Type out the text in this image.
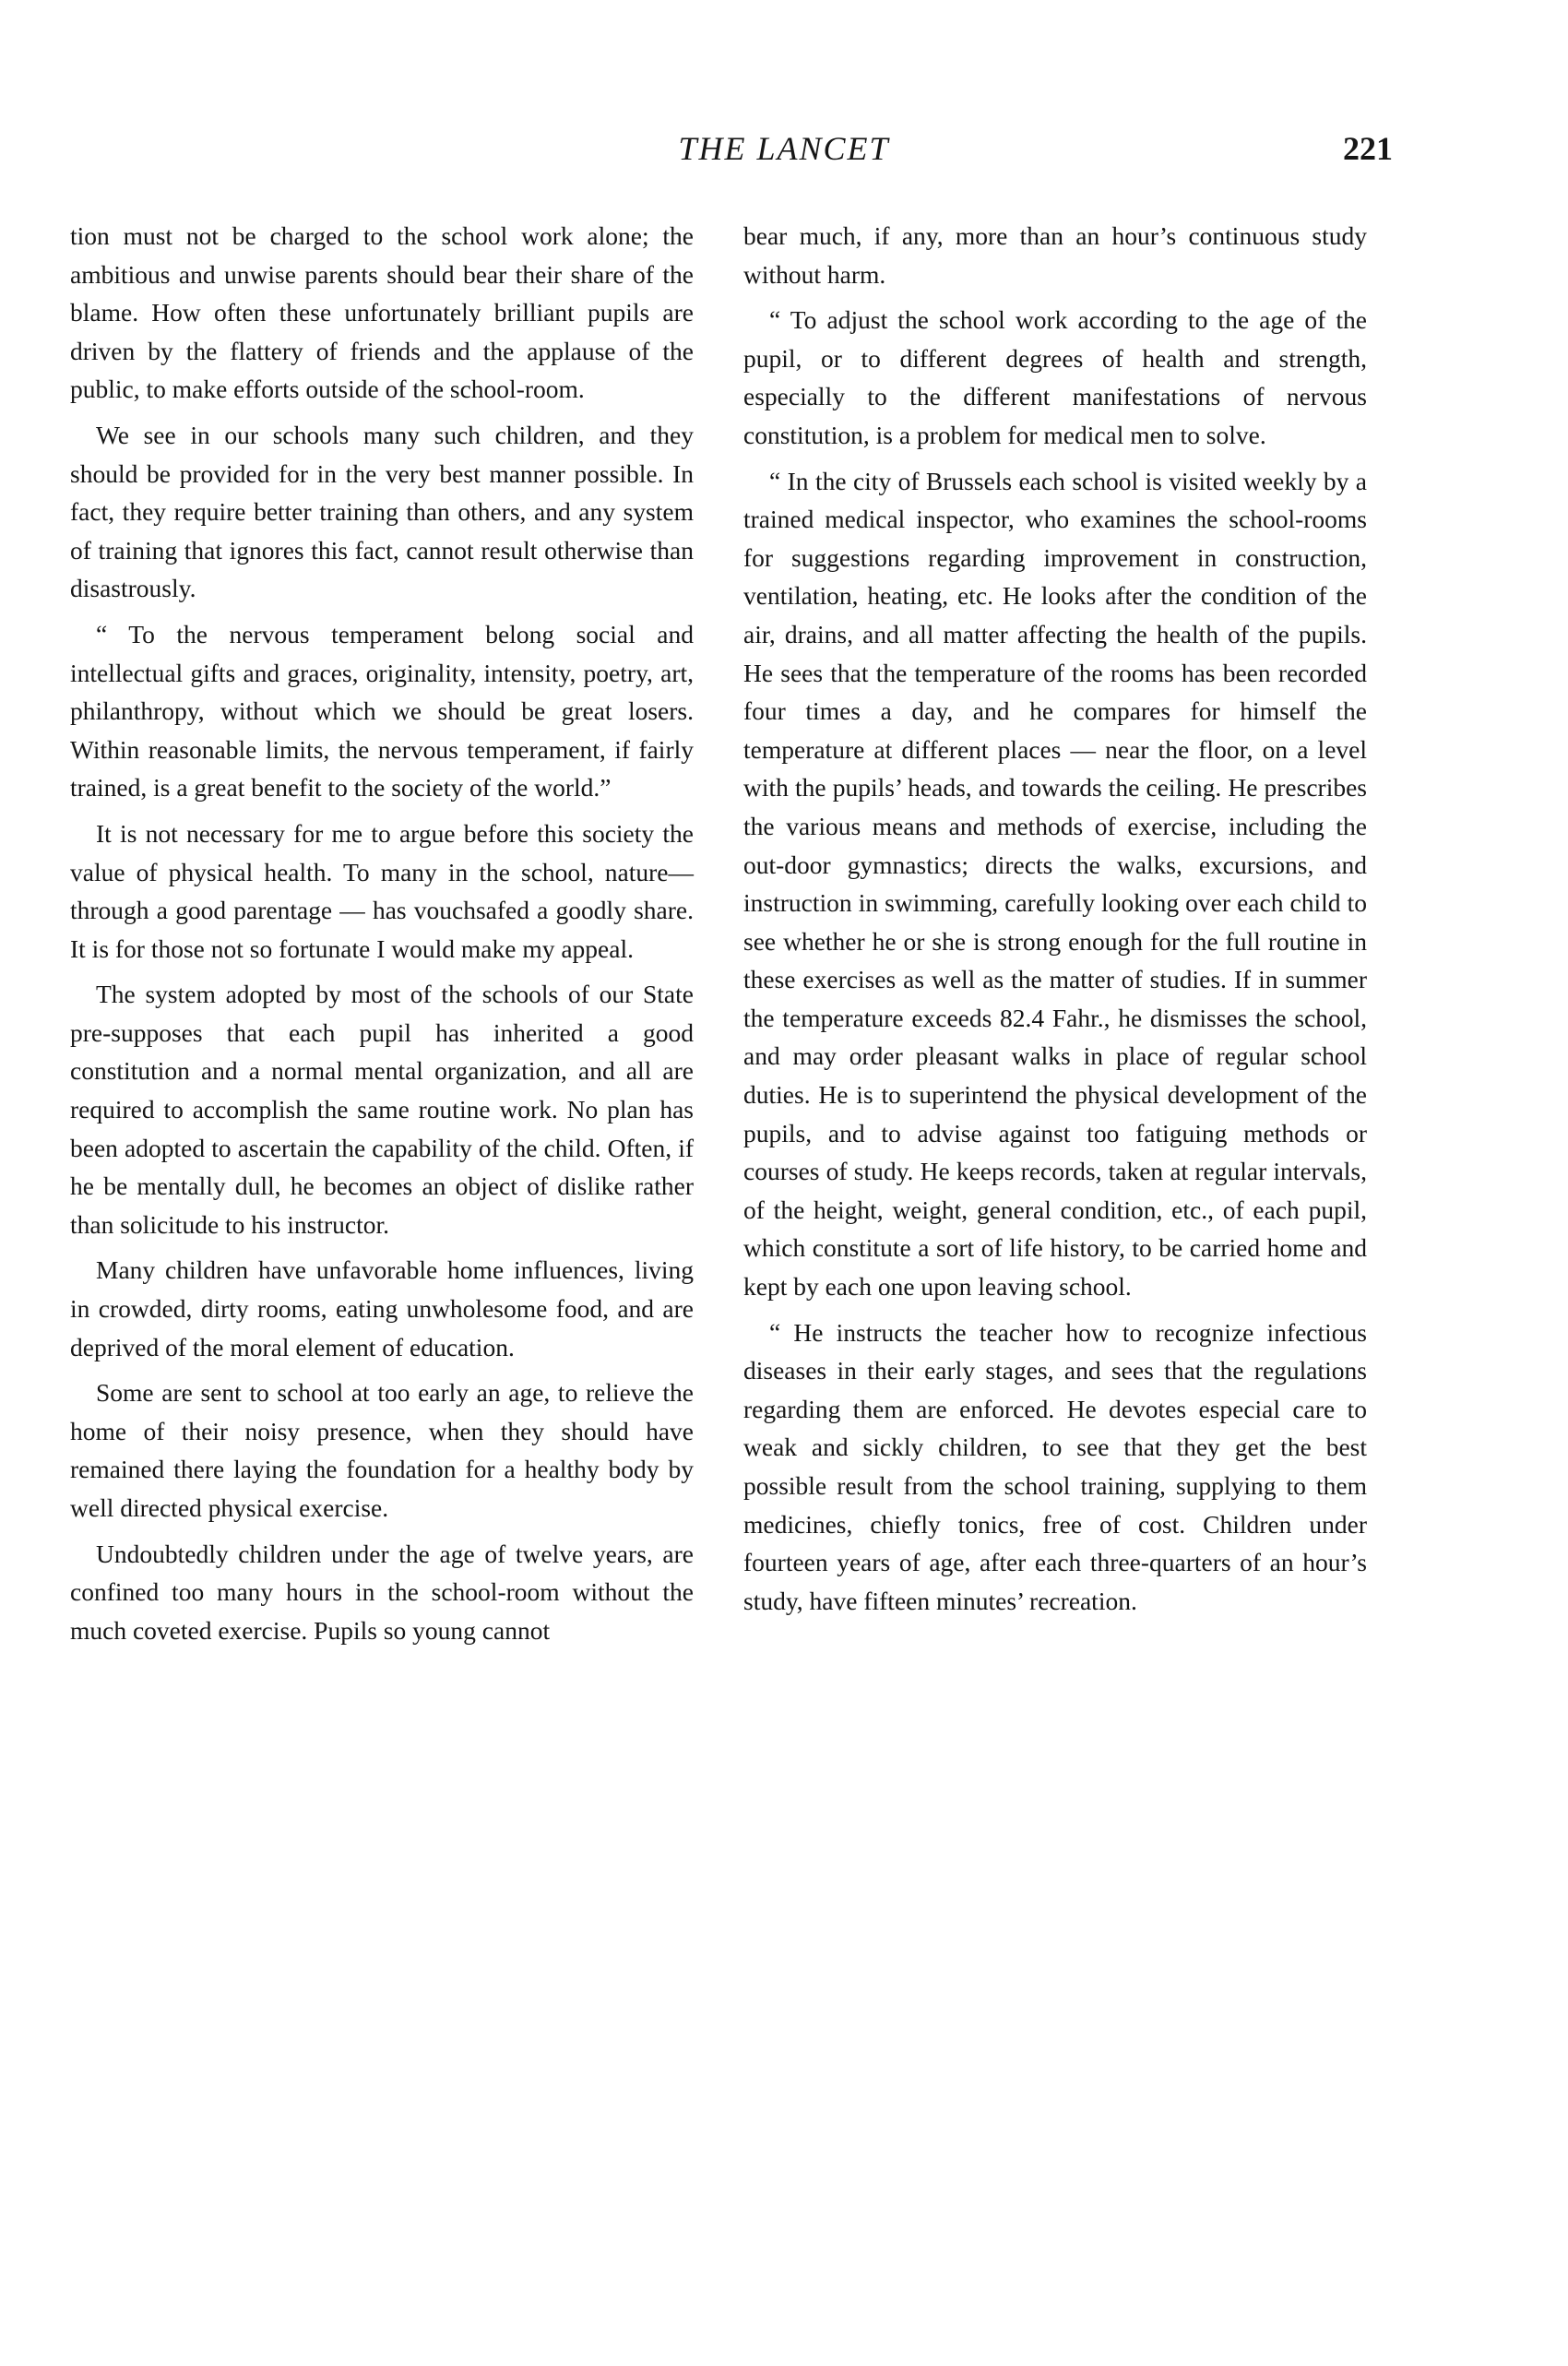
THE LANCET	221

tion must not be charged to the school work alone; the ambitious and unwise parents should bear their share of the blame. How often these unfortunately brilliant pupils are driven by the flattery of friends and the applause of the public, to make efforts outside of the school-room.

We see in our schools many such children, and they should be provided for in the very best manner possible. In fact, they require better training than others, and any system of training that ignores this fact, cannot result otherwise than disastrously.

“ To the nervous temperament belong social and intellectual gifts and graces, originality, intensity, poetry, art, philanthropy, without which we should be great losers. Within reasonable limits, the nervous temperament, if fairly trained, is a great benefit to the society of the world.”

It is not necessary for me to argue before this society the value of physical health. To many in the school, nature—through a good parentage — has vouchsafed a goodly share. It is for those not so fortunate I would make my appeal.

The system adopted by most of the schools of our State pre-supposes that each pupil has inherited a good constitution and a normal mental organization, and all are required to accomplish the same routine work. No plan has been adopted to ascertain the capability of the child. Often, if he be mentally dull, he becomes an object of dislike rather than solicitude to his instructor.

Many children have unfavorable home influences, living in crowded, dirty rooms, eating unwholesome food, and are deprived of the moral element of education.

Some are sent to school at too early an age, to relieve the home of their noisy presence, when they should have remained there laying the foundation for a healthy body by well directed physical exercise.

Undoubtedly children under the age of twelve years, are confined too many hours in the school-room without the much coveted exercise. Pupils so young cannot

bear much, if any, more than an hour’s continuous study without harm.

“ To adjust the school work according to the age of the pupil, or to different degrees of health and strength, especially to the different manifestations of nervous constitution, is a problem for medical men to solve.

“ In the city of Brussels each school is visited weekly by a trained medical inspector, who examines the school-rooms for suggestions regarding improvement in construction, ventilation, heating, etc. He looks after the condition of the air, drains, and all matter affecting the health of the pupils. He sees that the temperature of the rooms has been recorded four times a day, and he compares for himself the temperature at different places — near the floor, on a level with the pupils’ heads, and towards the ceiling. He prescribes the various means and methods of exercise, including the out-door gymnastics; directs the walks, excursions, and instruction in swimming, carefully looking over each child to see whether he or she is strong enough for the full routine in these exercises as well as the matter of studies. If in summer the temperature exceeds 82.4 Fahr., he dismisses the school, and may order pleasant walks in place of regular school duties. He is to superintend the physical development of the pupils, and to advise against too fatiguing methods or courses of study. He keeps records, taken at regular intervals, of the height, weight, general condition, etc., of each pupil, which constitute a sort of life history, to be carried home and kept by each one upon leaving school.

“ He instructs the teacher how to recognize infectious diseases in their early stages, and sees that the regulations regarding them are enforced. He devotes especial care to weak and sickly children, to see that they get the best possible result from the school training, supplying to them medicines, chiefly tonics, free of cost. Children under fourteen years of age, after each three-quarters of an hour’s study, have fifteen minutes’ recreation.
